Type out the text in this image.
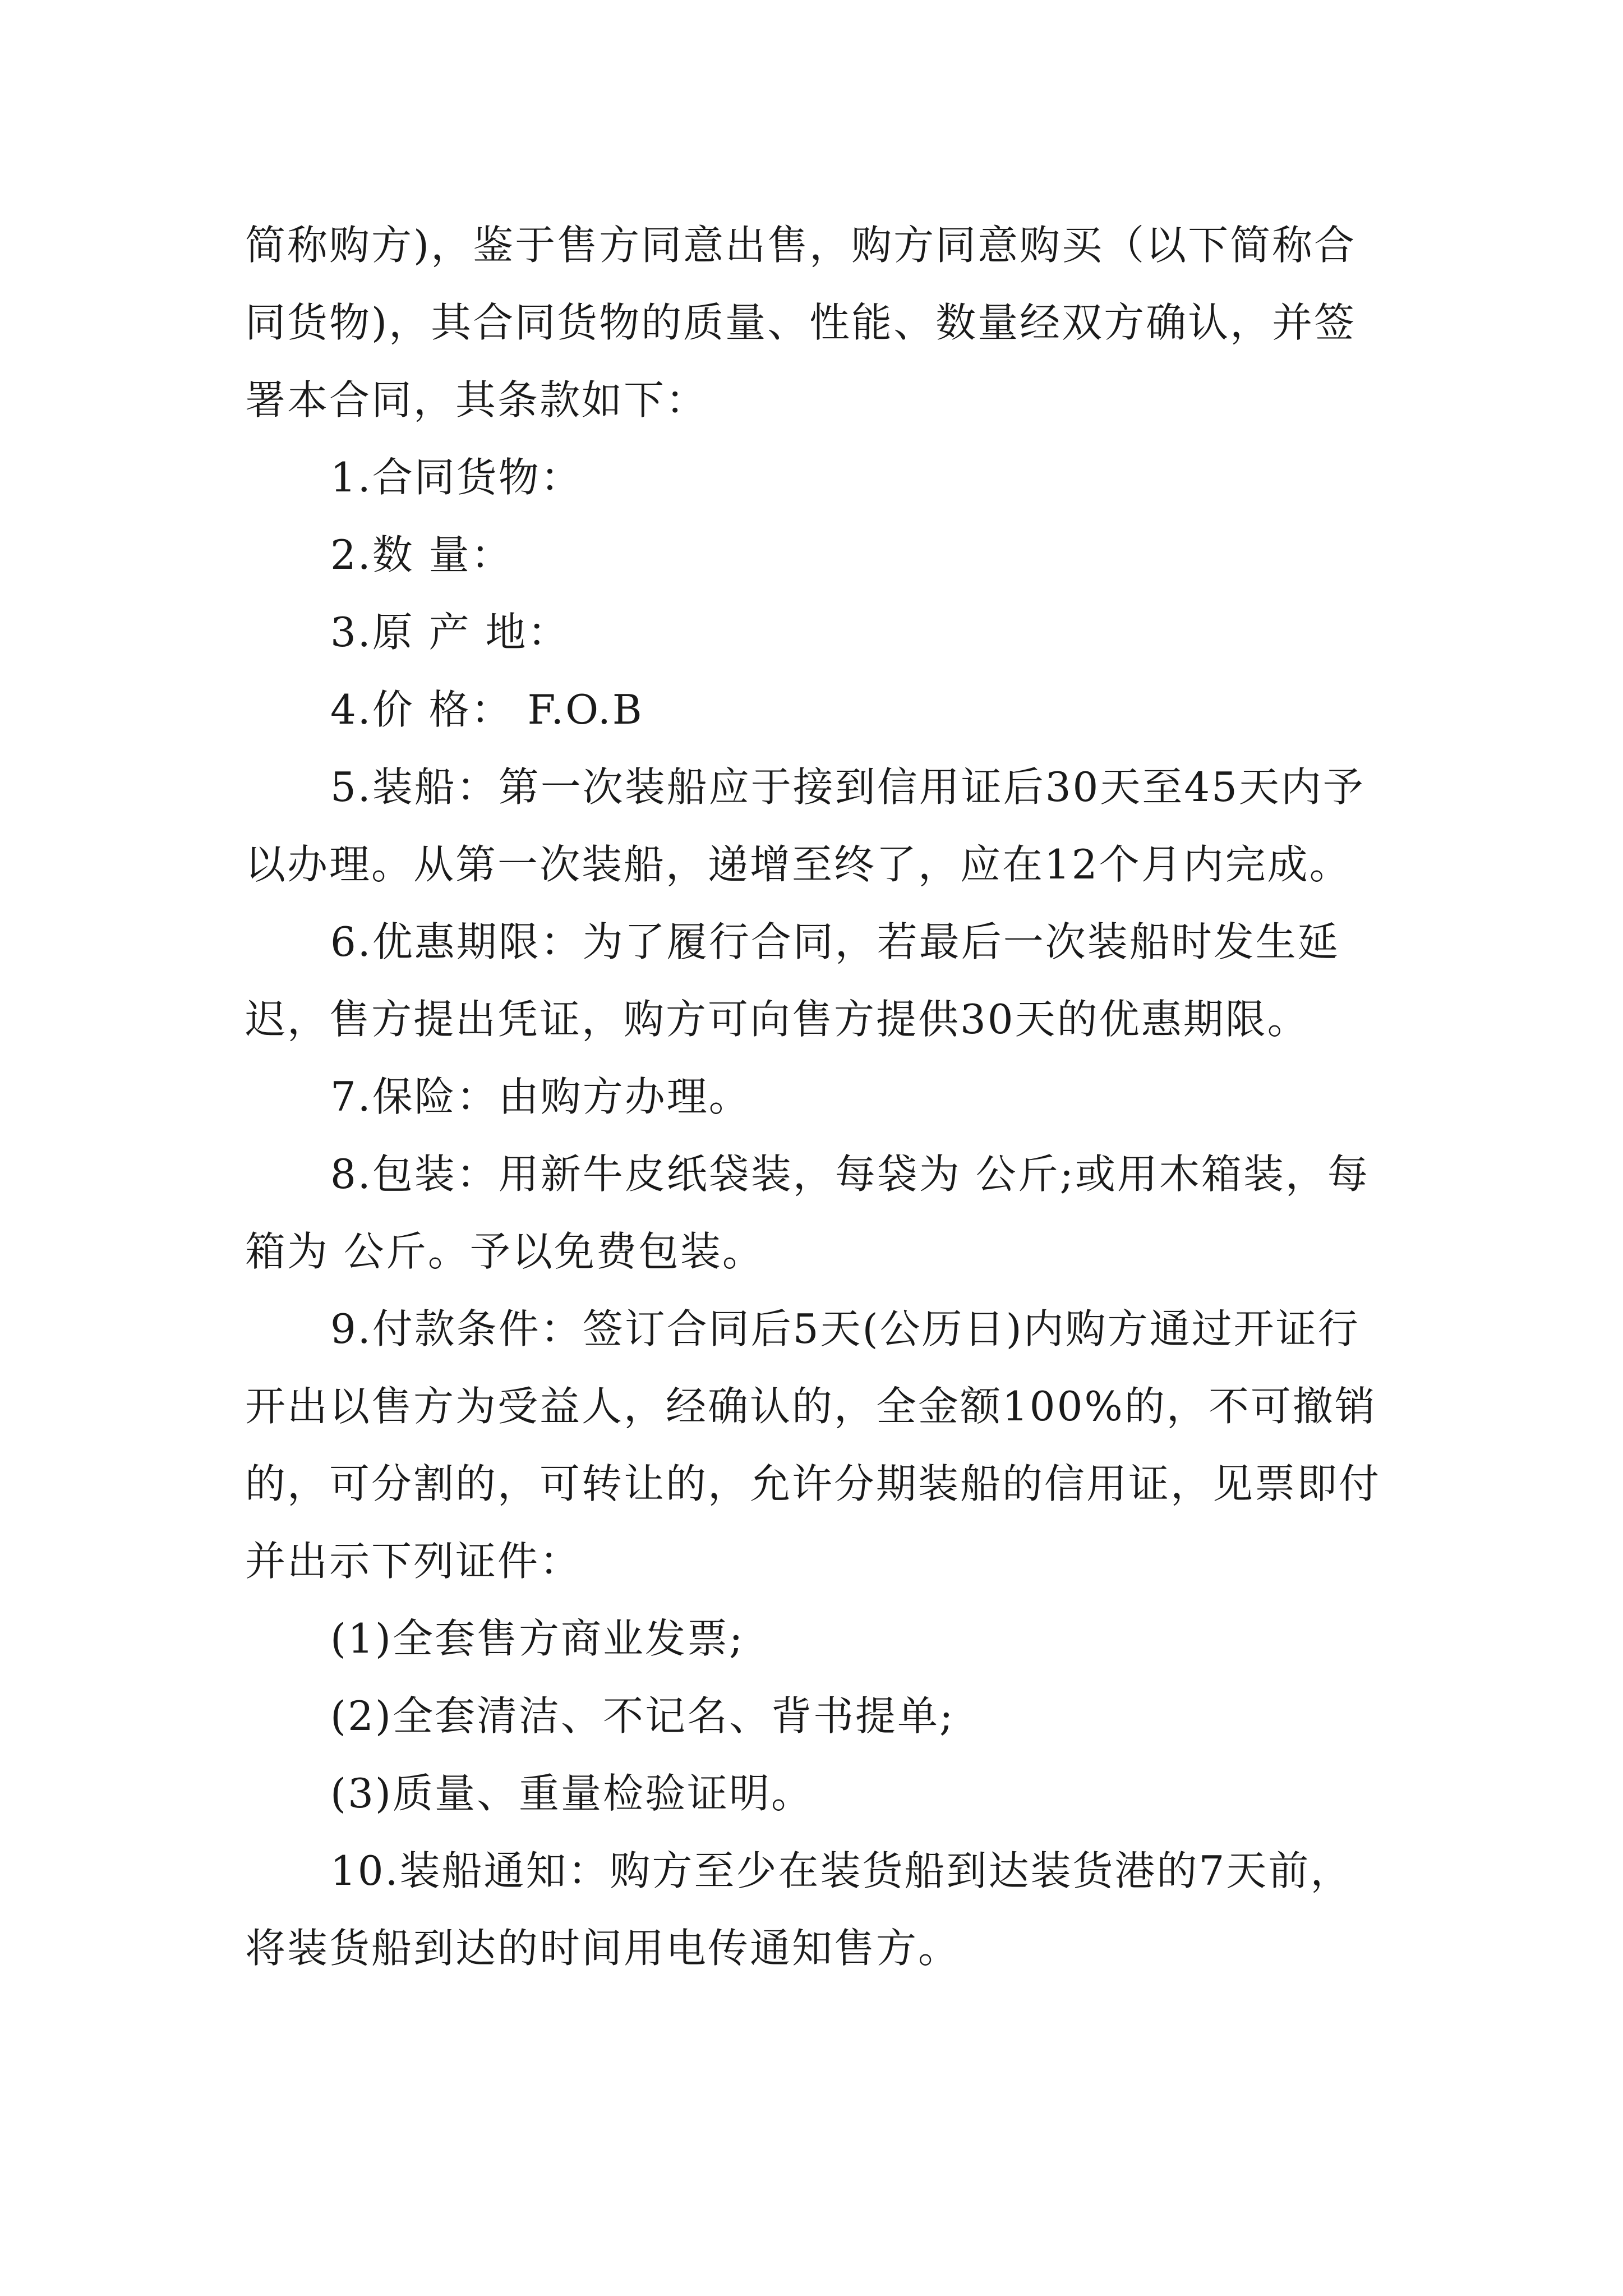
简称购方)，鉴于售方同意出售，购方同意购买（以下简称合同货物)，其合同货物的质量、性能、数量经双方确认，并签署本合同，其条款如下：

1.合同货物：

2.数 量：

3.原 产 地：

4.价 格： F.O.B

5.装船：第一次装船应于接到信用证后30天至45天内予以办理。从第一次装船，递增至终了，应在12个月内完成。

6.优惠期限：为了履行合同，若最后一次装船时发生延迟，售方提出凭证，购方可向售方提供30天的优惠期限。

7.保险：由购方办理。

8.包装：用新牛皮纸袋装，每袋为 公斤;或用木箱装，每箱为 公斤。予以免费包装。

9.付款条件：签订合同后5天(公历日)内购方通过开证行开出以售方为受益人，经确认的，全金额100%的，不可撤销的，可分割的，可转让的，允许分期装船的信用证，见票即付并出示下列证件：

(1)全套售方商业发票;

(2)全套清洁、不记名、背书提单;

(3)质量、重量检验证明。

10.装船通知：购方至少在装货船到达装货港的7天前，将装货船到达的时间用电传通知售方。
